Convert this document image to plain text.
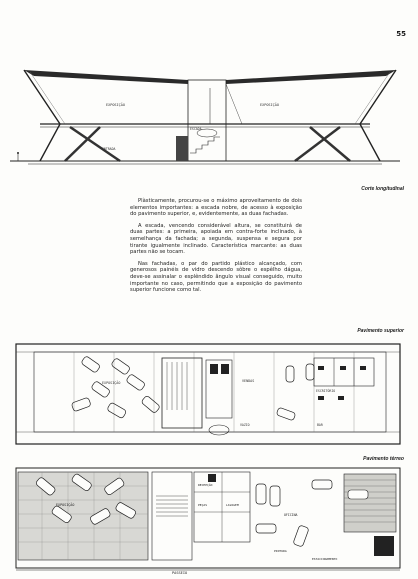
55
EXPOSIÇÃO	EXPOSIÇÃO
ESCADA
ENTRADA
Corte longitudinal

Plàsticamente, procurou-se o máximo aproveitamento de dois elementos importantes: a escada nobre, de acesso à exposição do pavimento superior, e, evidentemente, as duas fachadas.

A escada, vencendo considerável altura, se constituirá de duas partes: a primeira, apoiada em contra-forte inclinado, à semelhança da fachada; a segunda, suspensa e segura por tirante igualmente inclinado. Característica marcante: as duas partes não se tocam.

Nas fachadas, o par do partido plástico alcançado, com generosos painéis de vidro descendo sôbre o espêlho dágua, deve-se assinalar o esplêndido ângulo visual conseguido, muito importante no caso, permitindo que a exposição do pavimento superior funcione como tal.

Pavimento superior
EXPOSIÇÃO	VENDAS
VAZIO
ESCRITÓRIO
BAR
Pavimento térreo
EXPOSIÇÃO
PASSEIO
RECEPÇÃO
PEÇAS	LAVAGEM
PINTURA
OFICINA
ESTACIONAMENTO
